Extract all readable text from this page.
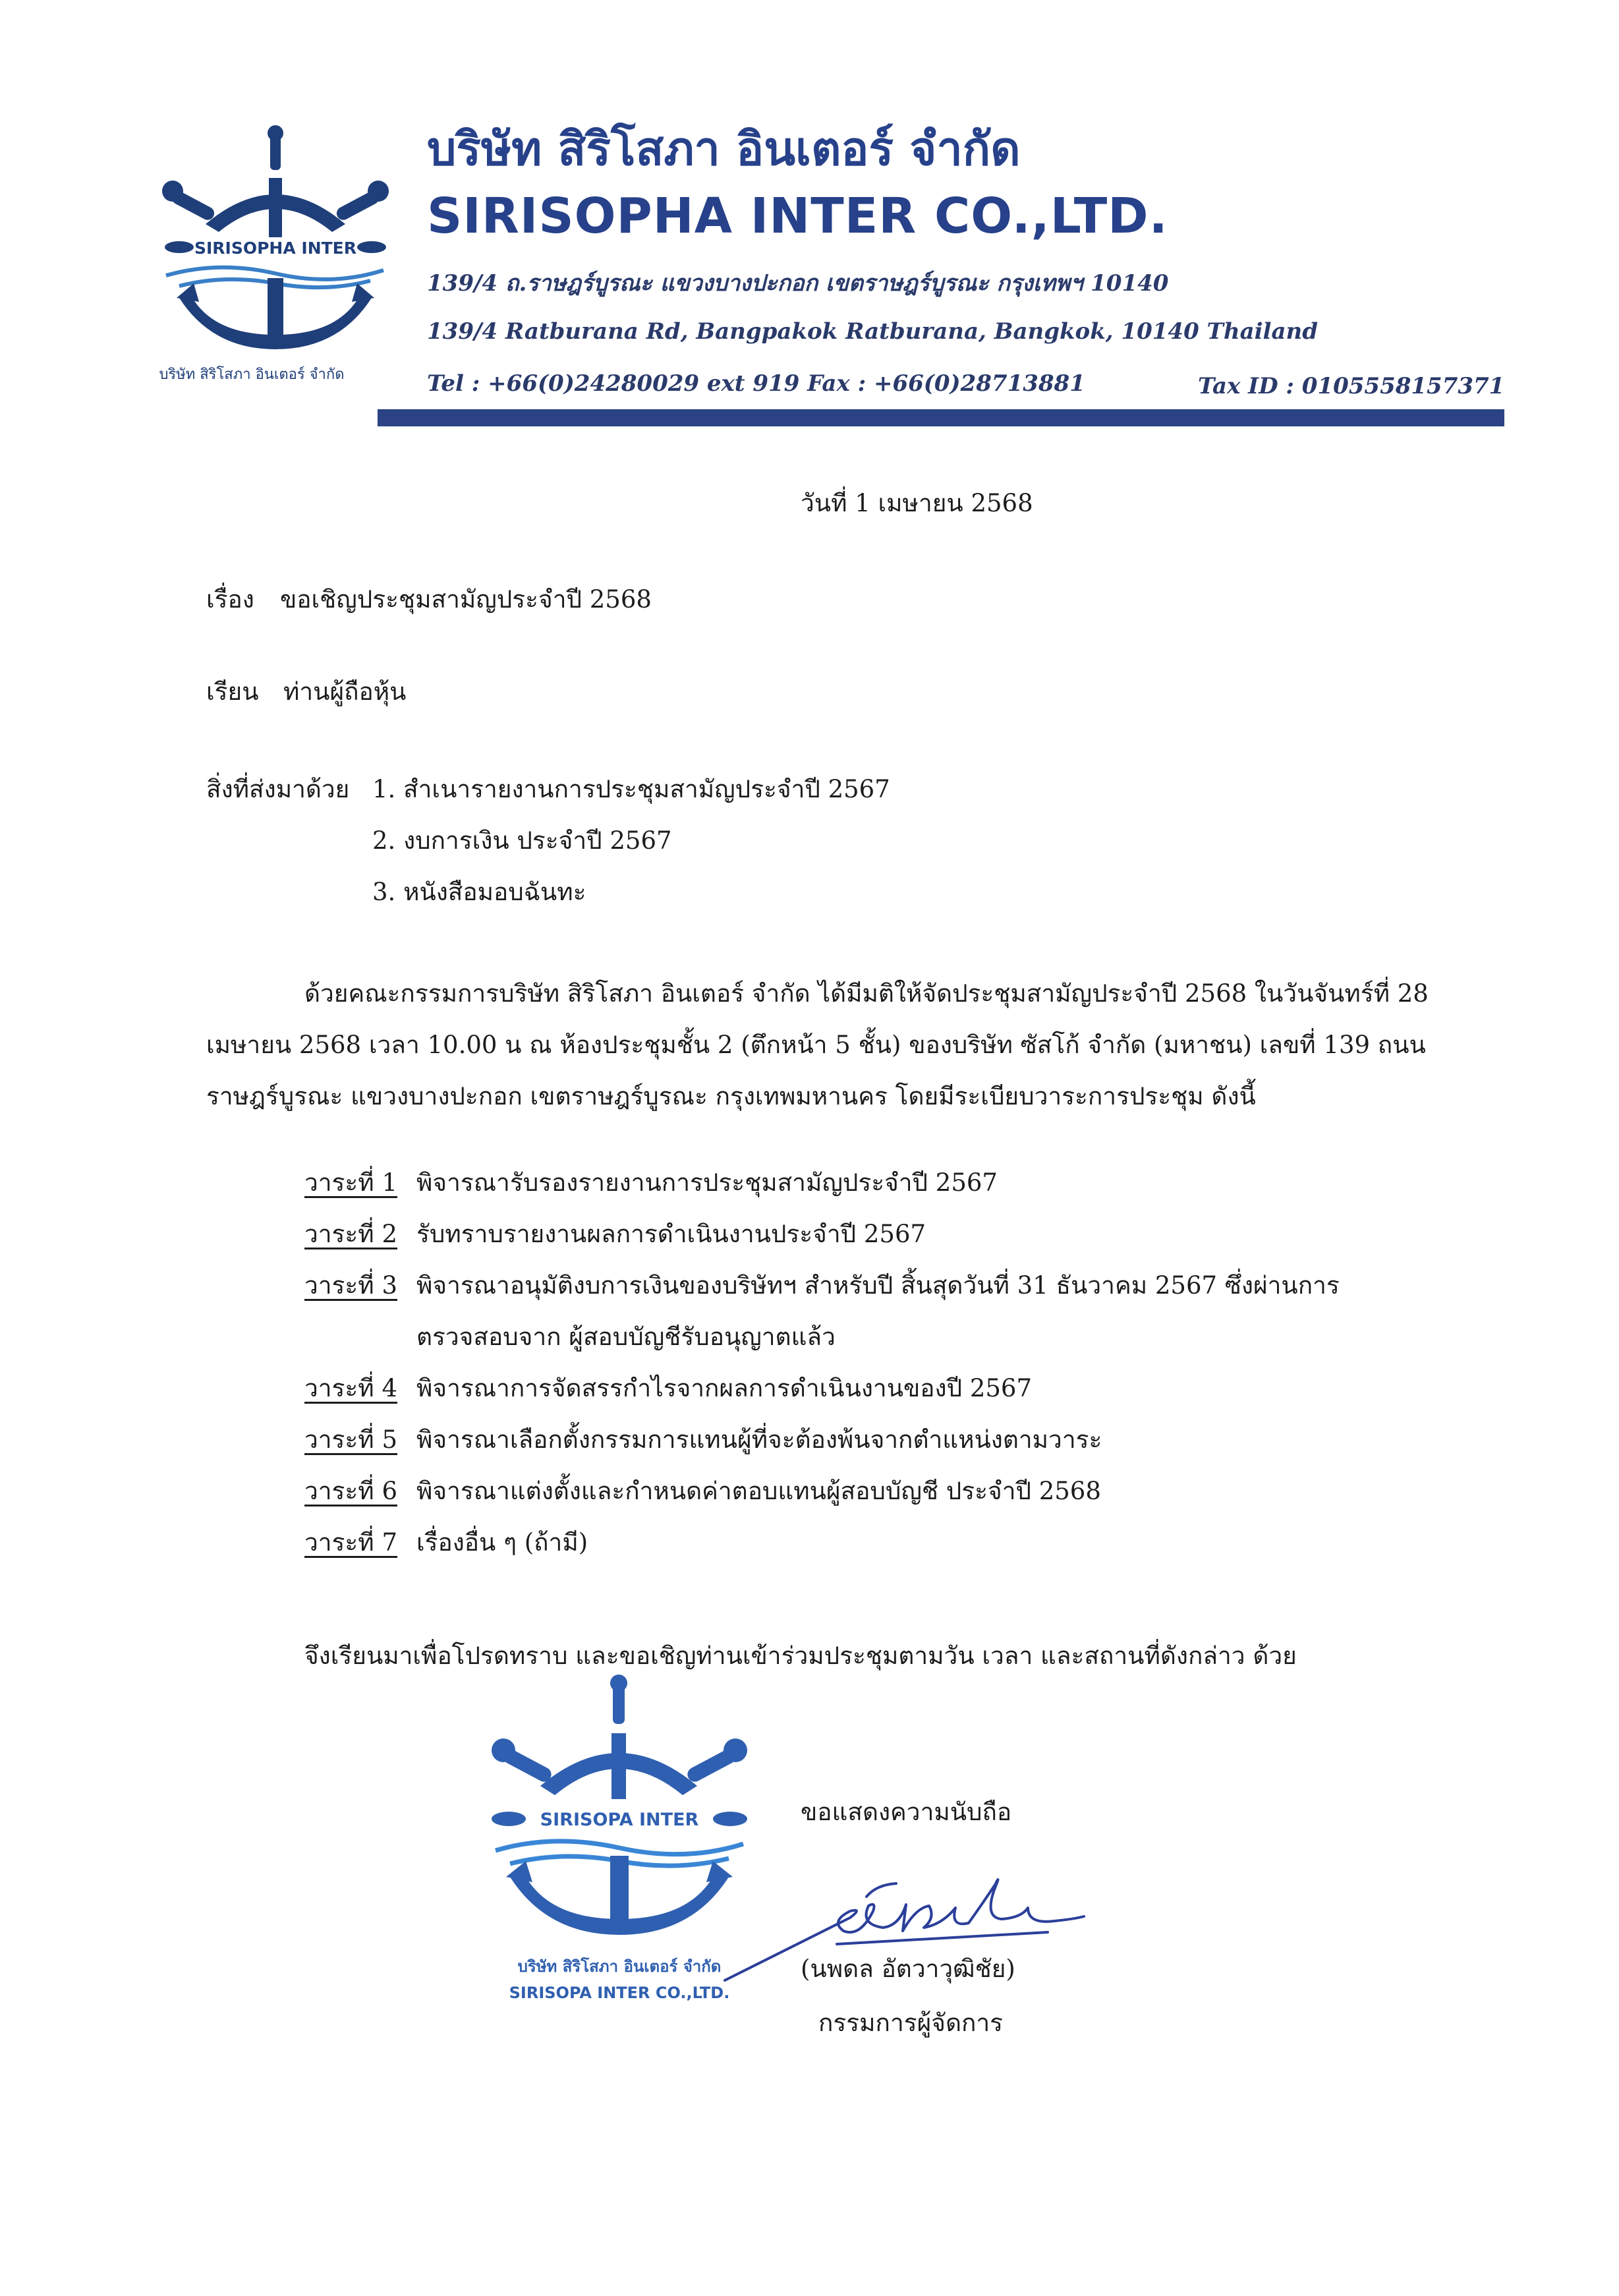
SIRISOPHA INTER
บริษัท สิริโสภา อินเตอร์ จำกัด
บริษัท สิริโสภา อินเตอร์ จำกัด
SIRISOPHA INTER CO.,LTD.
139/4 ถ.ราษฎร์บูรณะ แขวงบางปะกอก เขตราษฎร์บูรณะ กรุงเทพฯ 10140
139/4 Ratburana Rd, Bangpakok Ratburana, Bangkok, 10140 Thailand
Tel : +66(0)24280029 ext 919 Fax : +66(0)28713881	Tax ID : 0105558157371
วันที่ 1 เมษายน 2568
เรื่อง ขอเชิญประชุมสามัญประจำปี 2568
เรียน ท่านผู้ถือหุ้น
สิ่งที่ส่งมาด้วย 1. สำเนารายงานการประชุมสามัญประจำปี 2567
2. งบการเงิน ประจำปี 2567
3. หนังสือมอบฉันทะ
ด้วยคณะกรรมการบริษัท สิริโสภา อินเตอร์ จำกัด ได้มีมติให้จัดประชุมสามัญประจำปี 2568 ในวันจันทร์ที่ 28
เมษายน 2568 เวลา 10.00 น ณ ห้องประชุมชั้น 2 (ตึกหน้า 5 ชั้น) ของบริษัท ซัสโก้ จำกัด (มหาชน) เลขที่ 139 ถนน
ราษฎร์บูรณะ แขวงบางปะกอก เขตราษฎร์บูรณะ กรุงเทพมหานคร โดยมีระเบียบวาระการประชุม ดังนี้
วาระที่ 1 พิจารณารับรองรายงานการประชุมสามัญประจำปี 2567
วาระที่ 2 รับทราบรายงานผลการดำเนินงานประจำปี 2567
วาระที่ 3 พิจารณาอนุมัติงบการเงินของบริษัทฯ สำหรับปี สิ้นสุดวันที่ 31 ธันวาคม 2567 ซึ่งผ่านการ
ตรวจสอบจาก ผู้สอบบัญชีรับอนุญาตแล้ว
วาระที่ 4 พิจารณาการจัดสรรกำไรจากผลการดำเนินงานของปี 2567
วาระที่ 5 พิจารณาเลือกตั้งกรรมการแทนผู้ที่จะต้องพ้นจากตำแหน่งตามวาระ
วาระที่ 6 พิจารณาแต่งตั้งและกำหนดค่าตอบแทนผู้สอบบัญชี ประจำปี 2568
วาระที่ 7 เรื่องอื่น ๆ (ถ้ามี)
จึงเรียนมาเพื่อโปรดทราบ และขอเชิญท่านเข้าร่วมประชุมตามวัน เวลา และสถานที่ดังกล่าว ด้วย
SIRISOPA INTER
บริษัท สิริโสภา อินเตอร์ จำกัด
SIRISOPA INTER CO.,LTD.
ขอแสดงความนับถือ
(นพดล อัตวาวุฒิชัย)
กรรมการผู้จัดการ
